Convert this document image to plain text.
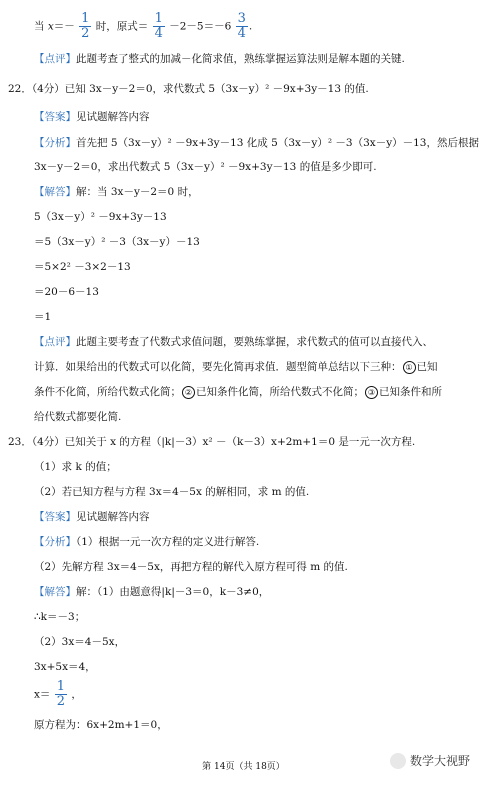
当 $x=- \frac{1}{2}$ 时，原式＝ $\frac{1}{4} -2-5=-6 \frac{3}{4}$ .
【点评】此题考查了整式的加减－化简求值，熟练掌握运算法则是解本题的关键.
22．（4分）已知 3x－y－2＝0，求代数式 5（3x－y）² －9x+3y－13 的值.
【答案】见试题解答内容
【分析】首先把 5（3x－y）² －9x+3y－13 化成 5（3x－y）² －3（3x－y）－13，然后根据
3x－y－2＝0，求出代数式 5（3x－y）² －9x+3y－13 的值是多少即可.
【解答】解：当 3x－y－2＝0 时，
5（3x－y）² －9x+3y－13
＝5（3x－y）² －3（3x－y）－13
＝5×2² －3×2－13
＝20－6－13
＝1
【点评】此题主要考查了代数式求值问题，要熟练掌握，求代数式的值可以直接代入、
计算．如果给出的代数式可以化简，要先化简再求值．题型简单总结以下三种： ① 已知
条件不化简，所给代数式化简； ② 已知条件化简，所给代数式不化简； ③ 已知条件和所
给代数式都要化简.
23．（4分）已知关于 x 的方程（|k|－3）x² －（k－3）x+2m+1＝0 是一元一次方程.
（1）求 k 的值；
（2）若已知方程与方程 3x＝4－5x 的解相同，求 m 的值.
【答案】见试题解答内容
【分析】（1）根据一元一次方程的定义进行解答.
（2）先解方程 3x＝4－5x，再把方程的解代入原方程可得 m 的值.
【解答】解：（1）由题意得|k|－3＝0，k－3≠0，
∴k＝－3；
（2）3x＝4－5x，
3x+5x＝4，
$x= \frac{1}{2}$ ，
原方程为：6x+2m+1＝0，
第 14页（共 18页）	数学大视野
